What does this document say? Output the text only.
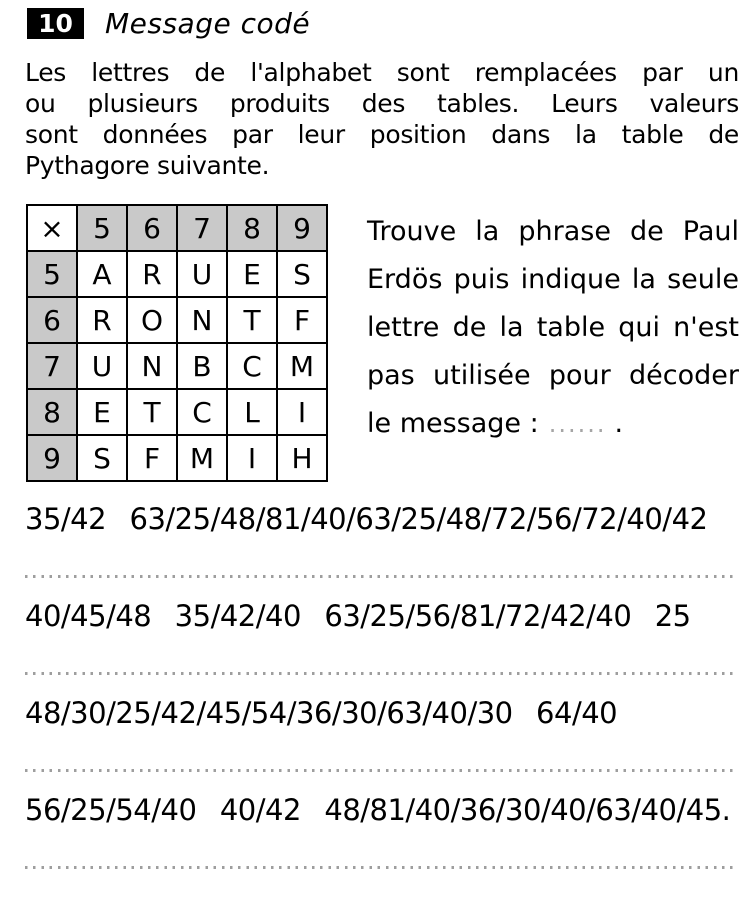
10	Message codé
Les lettres de l'alphabet sont remplacées par un
ou plusieurs produits des tables. Leurs valeurs
sont données par leur position dans la table de
Pythagore suivante.
×	5	6	7	8	9
5	A	R	U	E	S
6	R	O	N	T	F
7	U	N	B	C	M
8	E	T	C	L	I
9	S	F	M	I	H
Trouve la phrase de Paul
Erdös puis indique la seule
lettre de la table qui n'est
pas utilisée pour décoder
le message : ...... .
35/42  63/25/48/81/40/63/25/48/72/56/72/40/42
40/45/48  35/42/40  63/25/56/81/72/42/40  25
48/30/25/42/45/54/36/30/63/40/30  64/40
56/25/54/40  40/42  48/81/40/36/30/40/63/40/45.
